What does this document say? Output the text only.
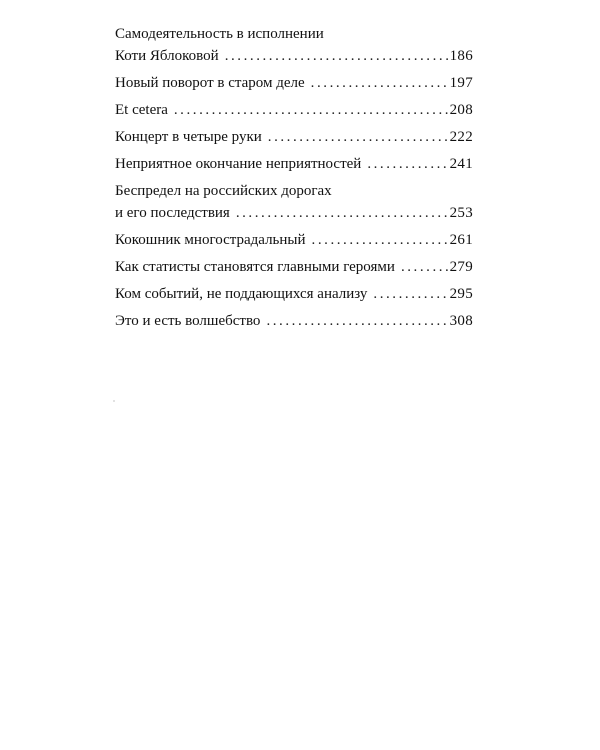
Самодеятельность в исполнении
Коти Яблоковой . . .	186
Новый поворот в старом деле . . .	197
Et cetera . . .	208
Концерт в четыре руки . . .	222
Неприятное окончание неприятностей . . .	241
Беспредел на российских дорогах
и его последствия . . .	253
Кокошник многострадальный . . .	261
Как статисты становятся главными героями . . .	279
Ком событий, не поддающихся анализу . . .	295
Это и есть волшебство . . .	308
